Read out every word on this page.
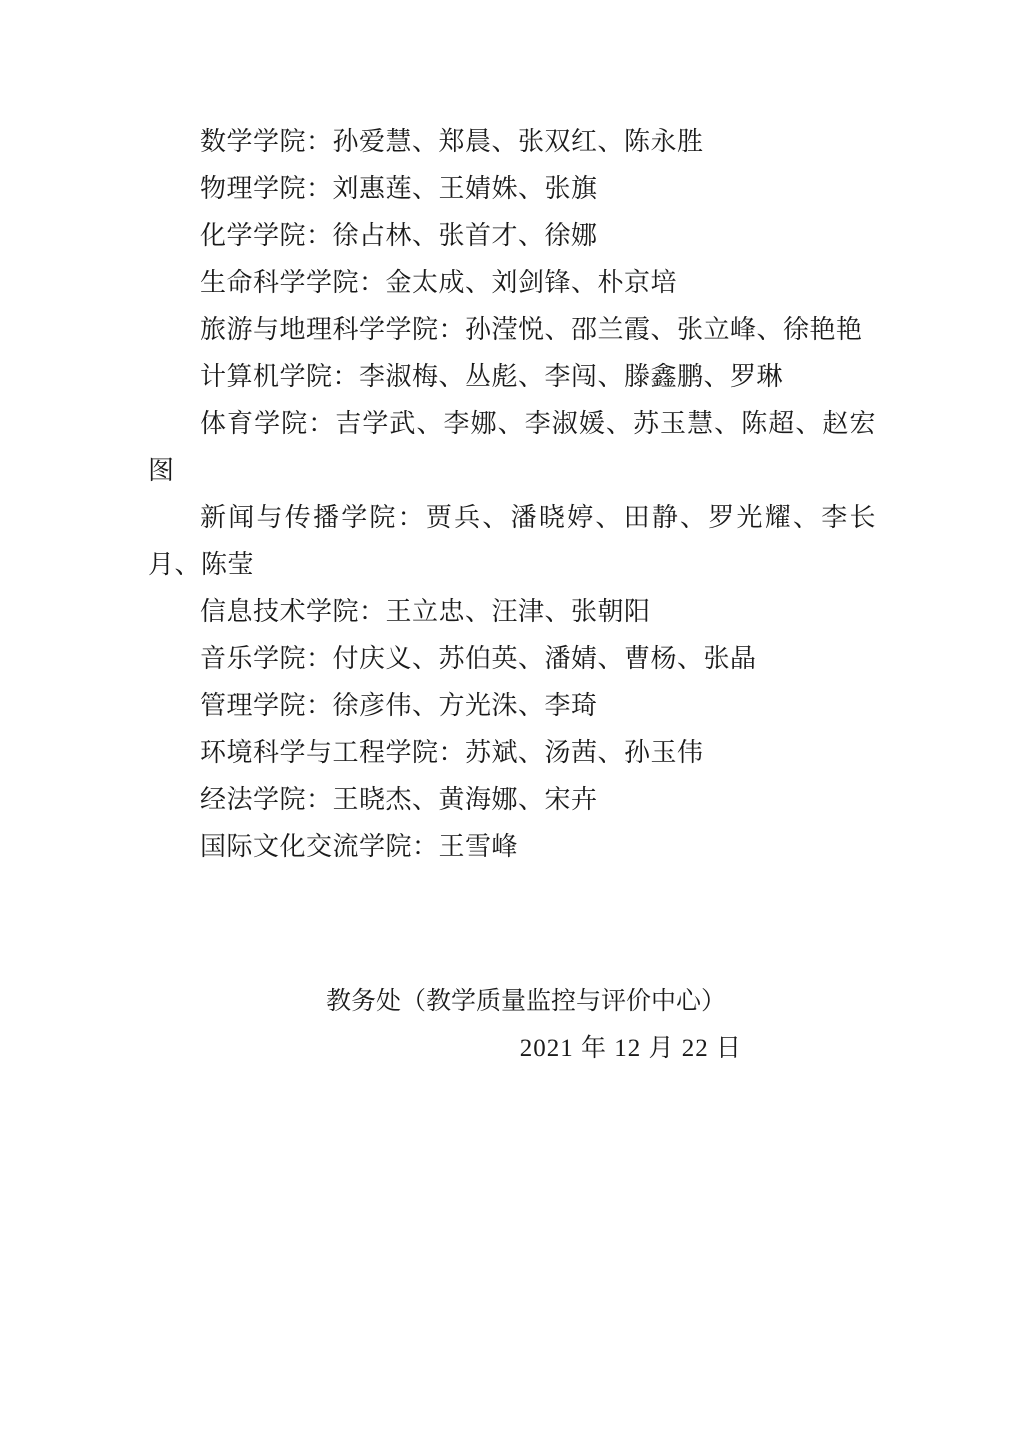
数学学院：孙爱慧、郑晨、张双红、陈永胜

物理学院：刘惠莲、王婧姝、张旗

化学学院：徐占林、张首才、徐娜

生命科学学院：金太成、刘剑锋、朴京培

旅游与地理科学学院：孙滢悦、邵兰霞、张立峰、徐艳艳

计算机学院：李淑梅、丛彪、李闯、滕鑫鹏、罗琳

体育学院：吉学武、李娜、李淑媛、苏玉慧、陈超、赵宏图

新闻与传播学院：贾兵、潘晓婷、田静、罗光耀、李长月、陈莹

信息技术学院：王立忠、汪津、张朝阳

音乐学院：付庆义、苏伯英、潘婧、曹杨、张晶

管理学院：徐彦伟、方光洙、李琦

环境科学与工程学院：苏斌、汤茜、孙玉伟

经法学院：王晓杰、黄海娜、宋卉

国际文化交流学院：王雪峰

教务处（教学质量监控与评价中心）
2021 年 12 月 22 日
